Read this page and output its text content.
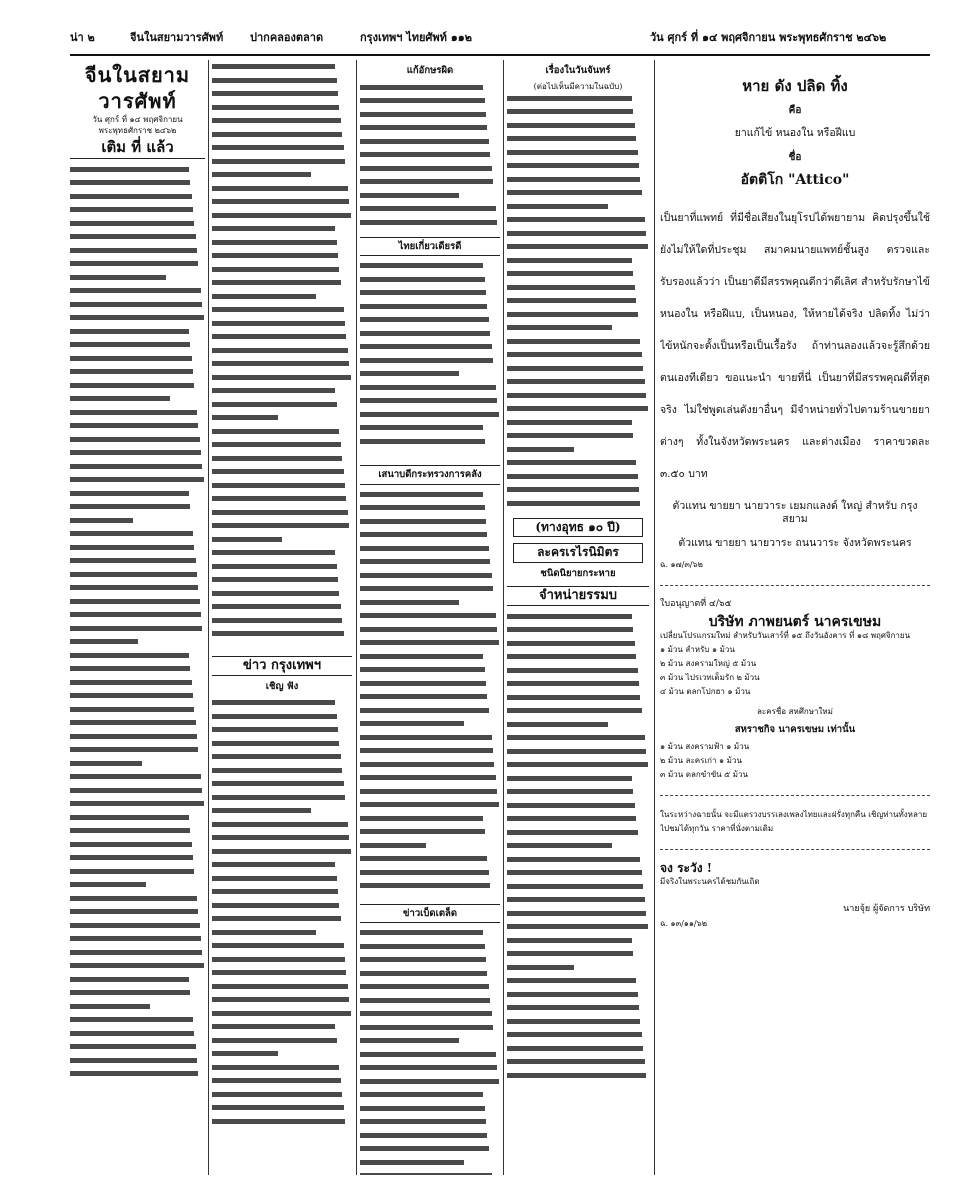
น่า ๒	จีนในสยามวารศัพท์ ปากคลองตลาด	กรุงเทพฯ ไทยศัพท์ ๑๑๒	วัน ศุกร์ ที่ ๑๔ พฤศจิกายน พระพุทธศักราช ๒๔๖๒
จีนในสยามวารศัพท์
วัน ศุกร์ ที่ ๑๔ พฤศจิกายน
พระพุทธศักราช ๒๔๖๒
เติม ที่ แล้ว
ข่าว กรุงเทพฯ
เชิญ ฟัง
แก้อักษรผิด
ไทยเกี่ยวเดียรดี
เสนาบดีกระทรวงการคลัง
ข่าวเบ็ดเตล็ด
เรื่องในวันจันทร์
(ต่อไปเห็นมีความในฉบับ)
(ทางอุทธ ๑๐ ปี)
ละครเรไรนิมิตร
ชนิดนิยายกระหาย
จำหน่ายรรมบ
หาย ดัง ปลิด ทิ้ง
คือ
ยาแก้ไข้ หนองใน หรือฝีแบ
ชื่อ
อัตติโก "Attico"
เป็นยาที่แพทย์ ที่มีชื่อเสียงในยุโรปได้พยายาม คิดปรุงขึ้นใช้ ยังไม่ให้ใดที่ประชุม สมาคมนายแพทย์ชั้นสูง ตรวจและรับรองแล้วว่า เป็นยาดีมีสรรพคุณดีกว่าดีเลิศ สำหรับรักษาไข้หนองใน หรือฝีแบ, เป็นหนอง, ให้หายได้จริง ปลิดทิ้ง ไม่ว่าไข้หนักจะตั้งเป็นหรือเป็นเรื้อรัง ถ้าท่านลองแล้วจะรู้สึกด้วยตนเองทีเดียว ขอแนะนำ ขายที่นี่ เป็นยาที่มีสรรพคุณดีที่สุดจริง ไม่ใช่พูดเล่นดังยาอื่นๆ มีจำหน่ายทั่วไปตามร้านขายยาต่างๆ ทั้งในจังหวัดพระนคร และต่างเมือง ราคาขวดละ ๓.๕๐ บาท
ตัวแทน ขายยา นายวาระ เยมกแลงด์ ใหญ่ สำหรับ กรุงสยาม
ตัวแทน ขายยา นายวาระ ถนนวาระ จังหวัดพระนคร
ฉ. ๑๗/๓/๖๒
ใบอนุญาตที่ ๔/๖๕
บริษัท ภาพยนตร์ นาครเขษม
เปลี่ยนโปรแกรมใหม่ สำหรับวันเสาร์ที่ ๑๕ ถึงวันอังคาร ที่ ๑๘ พฤศจิกายน
๑ ม้วน สำหรับ ๑ ม้วน
๒ ม้วน สงครามใหญ่ ๕ ม้วน
๓ ม้วน ไปรเวทเต็มรัก ๒ ม้วน
๔ ม้วน ตลกโปกฮา ๑ ม้วน
ละครชื่อ สหศึกษาใหม่
สหราชกิจ นาครเขษม เท่านั้น
๑ ม้วน สงครามฟ้า ๑ ม้วน
๒ ม้วน ละครเก่า ๑ ม้วน
๓ ม้วน ตลกขำขัน ๕ ม้วน
ในระหว่างฉายนั้น จะมีแตรวงบรรเลงเพลงไทยและฝรั่งทุกคืน เชิญท่านทั้งหลายไปชมได้ทุกวัน ราคาที่นั่งตามเดิม
จง ระวัง !
มีจริงในพระนครได้ชมกันเถิด
นายจุ้ย ผู้จัดการ บริษัท
ฉ. ๑๓/๑๑/๖๒
